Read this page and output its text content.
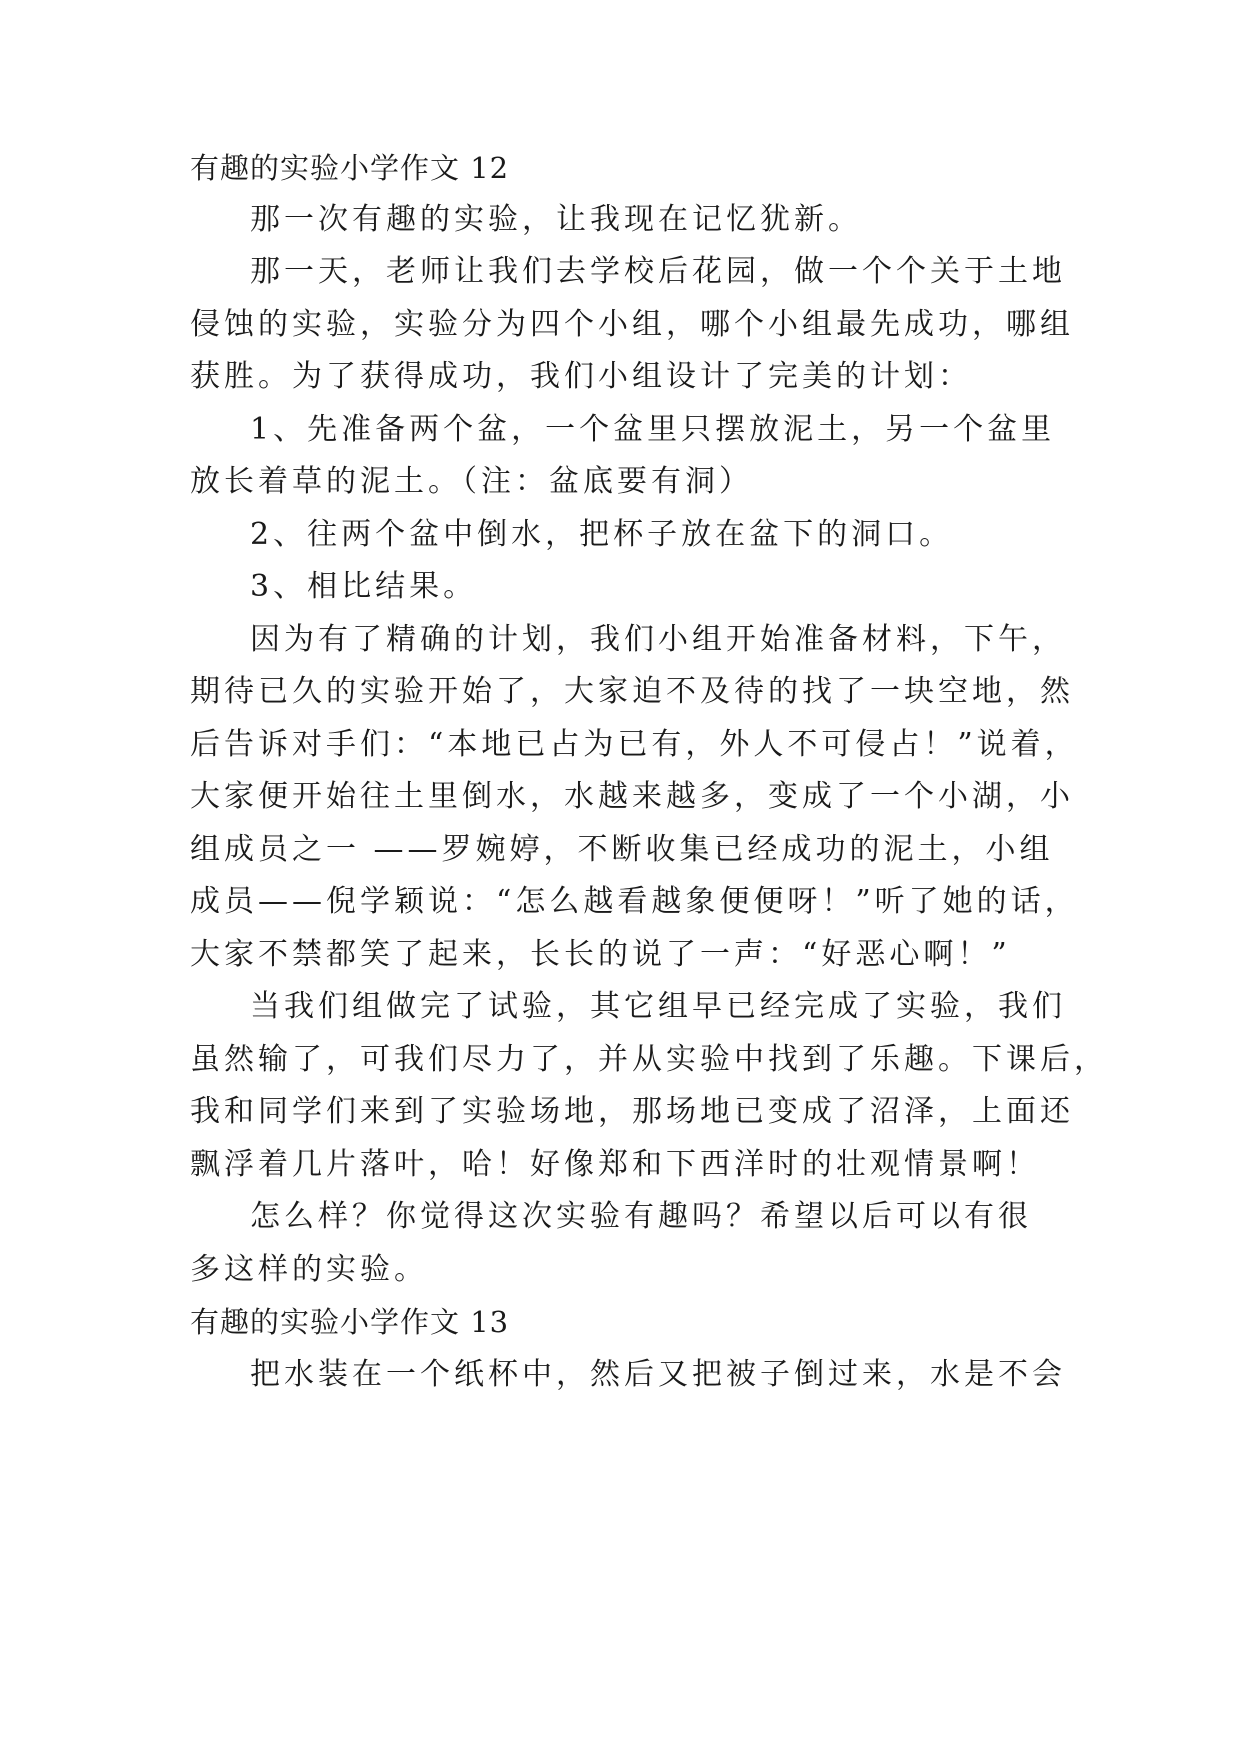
有趣的实验小学作文 12
那一次有趣的实验，让我现在记忆犹新。
那一天，老师让我们去学校后花园，做一个个关于土地
侵蚀的实验，实验分为四个小组，哪个小组最先成功，哪组
获胜。为了获得成功，我们小组设计了完美的计划：
1、先准备两个盆，一个盆里只摆放泥土，另一个盆里
放长着草的泥土。（注：盆底要有洞）
2、往两个盆中倒水，把杯子放在盆下的洞口。
3、相比结果。
因为有了精确的计划，我们小组开始准备材料，下午，
期待已久的实验开始了，大家迫不及待的找了一块空地，然
后告诉对手们：“本地已占为已有，外人不可侵占！”说着，
大家便开始往土里倒水，水越来越多，变成了一个小湖，小
组成员之一 ——罗婉婷，不断收集已经成功的泥土，小组
成员——倪学颖说：“怎么越看越象便便呀！”听了她的话，
大家不禁都笑了起来，长长的说了一声：“好恶心啊！”
当我们组做完了试验，其它组早已经完成了实验，我们
虽然输了，可我们尽力了，并从实验中找到了乐趣。下课后，
我和同学们来到了实验场地，那场地已变成了沼泽，上面还
飘浮着几片落叶，哈！好像郑和下西洋时的壮观情景啊！
怎么样？你觉得这次实验有趣吗？希望以后可以有很
多这样的实验。
有趣的实验小学作文 13
把水装在一个纸杯中，然后又把被子倒过来，水是不会
